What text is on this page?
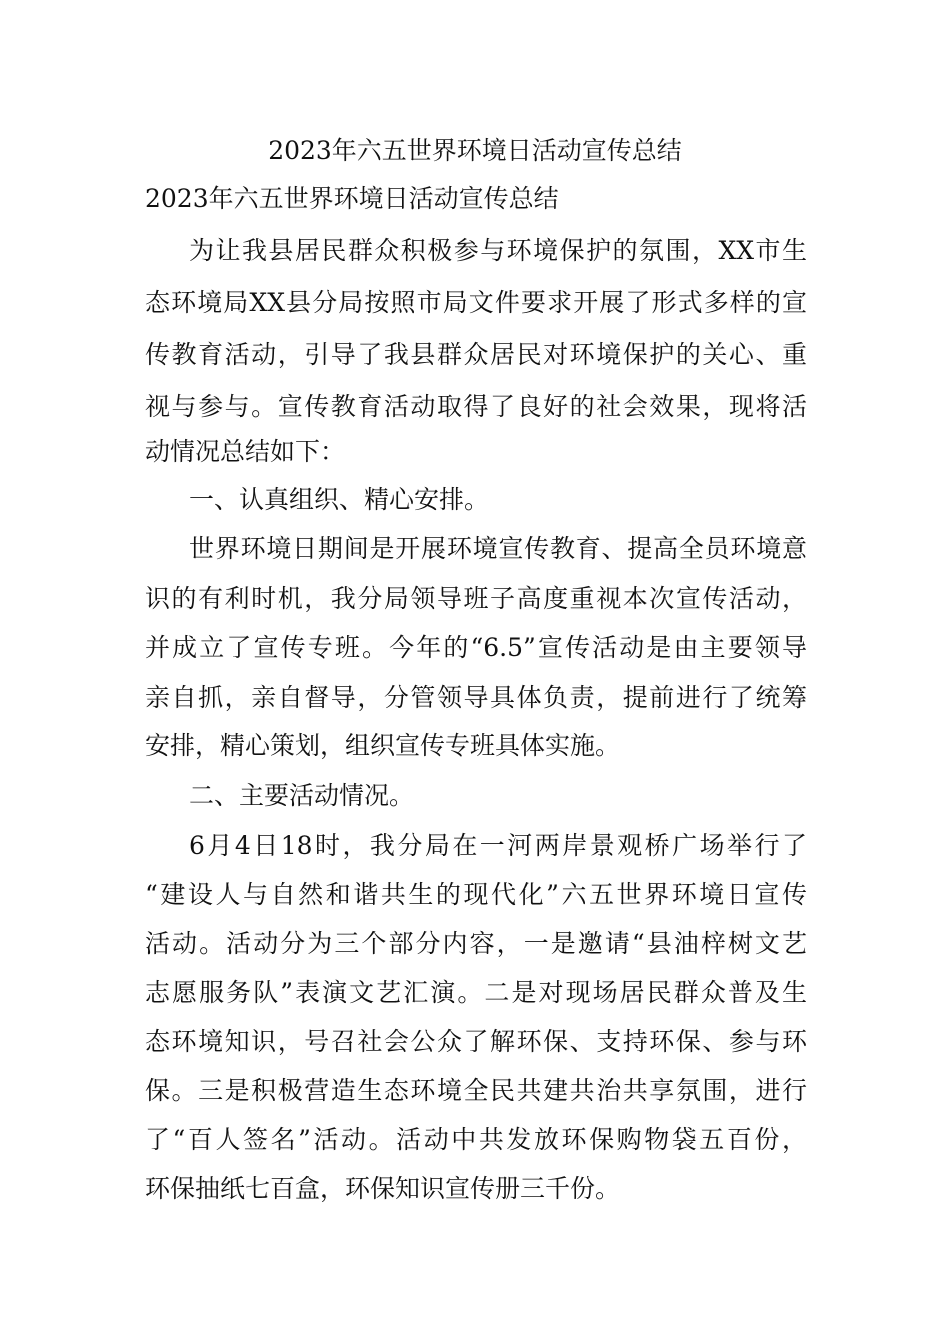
2023年六五世界环境日活动宣传总结
2023年六五世界环境日活动宣传总结

为让我县居民群众积极参与环境保护的氛围，XX市生

态环境局XX县分局按照市局文件要求开展了形式多样的宣

传教育活动，引导了我县群众居民对环境保护的关心、重

视与参与。宣传教育活动取得了良好的社会效果，现将活

动情况总结如下：

一、认真组织、精心安排。

世界环境日期间是开展环境宣传教育、提高全员环境意

识的有利时机，我分局领导班子高度重视本次宣传活动，

并成立了宣传专班。今年的“6.5”宣传活动是由主要领导

亲自抓，亲自督导，分管领导具体负责，提前进行了统筹

安排，精心策划，组织宣传专班具体实施。

二、主要活动情况。

6月4日18时，我分局在一河两岸景观桥广场举行了

“建设人与自然和谐共生的现代化”六五世界环境日宣传

活动。活动分为三个部分内容，一是邀请“县油梓树文艺

志愿服务队”表演文艺汇演。二是对现场居民群众普及生

态环境知识，号召社会公众了解环保、支持环保、参与环

保。三是积极营造生态环境全民共建共治共享氛围，进行

了“百人签名”活动。活动中共发放环保购物袋五百份，

环保抽纸七百盒，环保知识宣传册三千份。
